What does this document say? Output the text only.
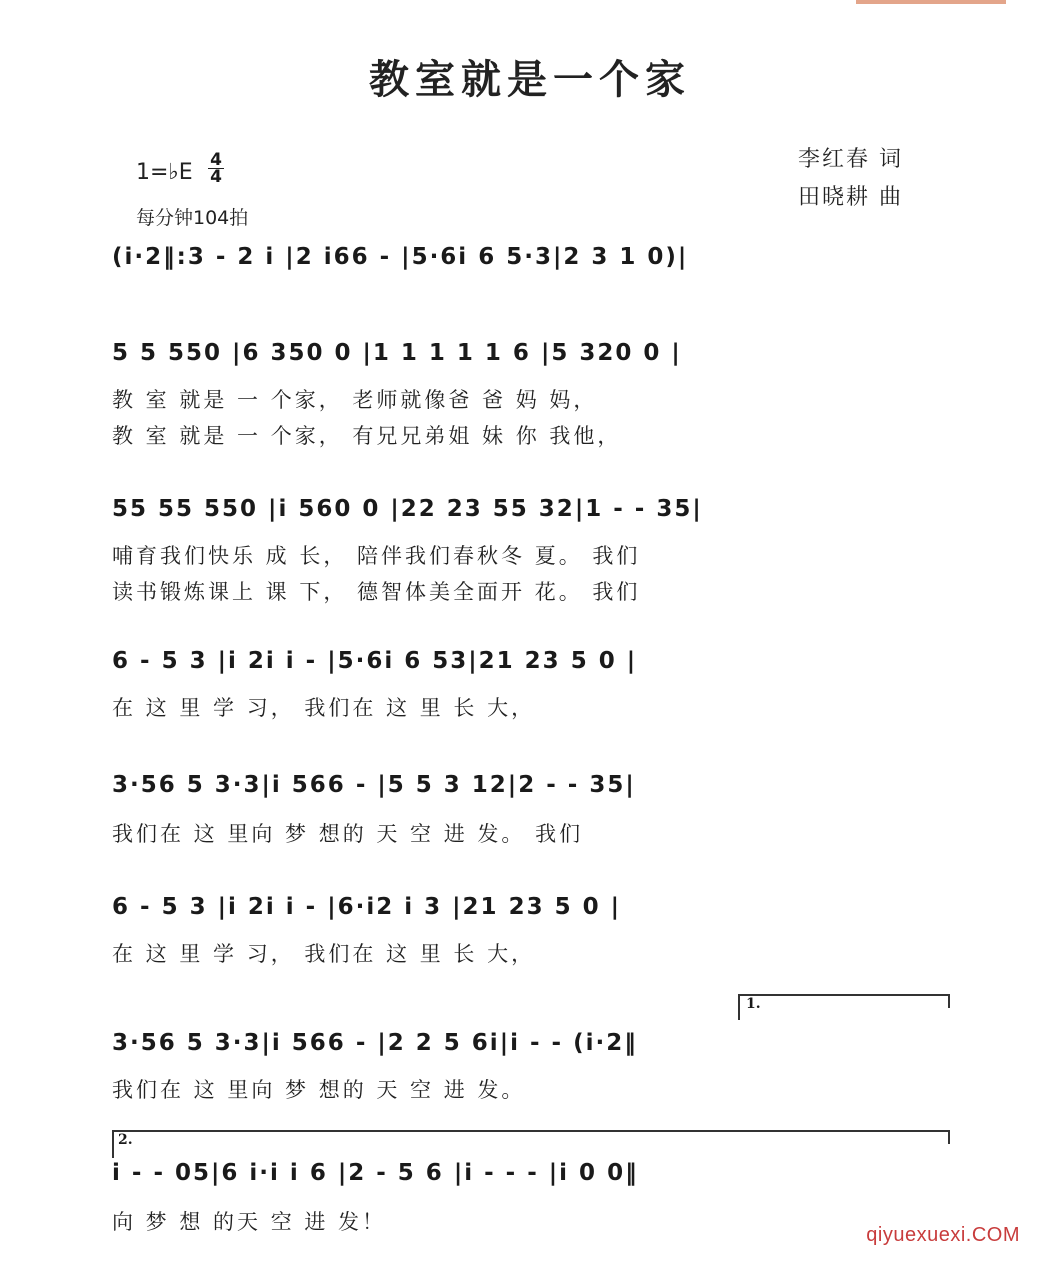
教室就是一个家
1=♭E 4
4
每分钟104拍
李红春 词
田晓耕 曲
(i·2‖:3 - 2 i |2 i66 - |5·6i 6 5·3|2 3 1 0)|
5 5 550 |6 350 0 |1 1 1 1 1 6 |5 320 0 |
教 室 就是 一 个家， 老师就像爸 爸 妈 妈，
教 室 就是 一 个家， 有兄兄弟姐 妹 你 我他，
55 55 550 |i 560 0 |22 23 55 32|1 - - 35|
哺育我们快乐 成 长， 陪伴我们春秋冬 夏。 我们
读书锻炼课上 课 下， 德智体美全面开 花。 我们
6 - 5 3 |i 2i i - |5·6i 6 53|21 23 5 0 |
在 这 里 学 习， 我们在 这 里 长 大，
3·56 5 3·3|i 566 - |5 5 3 12|2 - - 35|
我们在 这 里向 梦 想的 天 空 进 发。 我们
6 - 5 3 |i 2i i - |6·i2 i 3 |21 23 5 0 |
在 这 里 学 习， 我们在 这 里 长 大，
1.
3·56 5 3·3|i 566 - |2 2 5 6i|i - - (i·2‖
我们在 这 里向 梦 想的 天 空 进 发。
2.
i - - 05|6 i·i i 6 |2 - 5 6 |i - - - |i 0 0‖
向 梦 想 的天 空 进 发！
qiyuexuexi.COM
